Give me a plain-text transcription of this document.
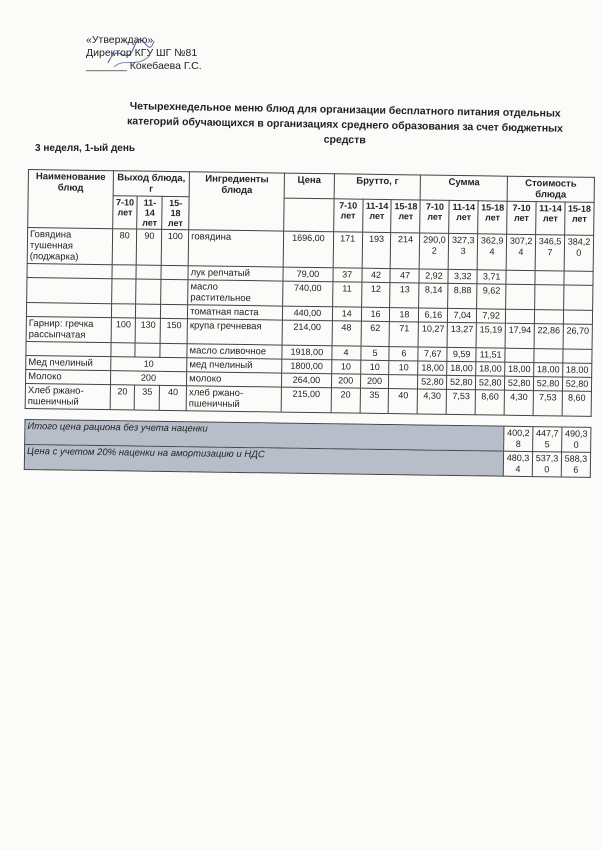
«Утверждаю»
Директор КГУ ШГ №81
_______ Кокебаева Г.С.
Четырехнедельное меню блюд для организации бесплатного питания отдельных категорий обучающихся в организациях среднего образования за счет бюджетных средств
3 неделя, 1-ый день
Наименование блюд	Выход блюда, г			Ингредиенты блюда	Цена	Брутто, г			Сумма			Стоимость блюда		
	7-10 лет	11-14 лет	15-18 лет			7-10 лет	11-14 лет	15-18 лет	7-10 лет	11-14 лет	15-18 лет	7-10 лет	11-14 лет	15-18 лет
Говядина тушенная (поджарка)	80	90	100	говядина	1696,00	171	193	214	290,02	327,33	362,94	307,24	346,57	384,20
				лук репчатый	79,00	37	42	47	2,92	3,32	3,71			
				масло растительное	740,00	11	12	13	8,14	8,88	9,62			
				томатная паста	440,00	14	16	18	6,16	7,04	7,92			
Гарнир: гречка рассыпчатая	100	130	150	крупа гречневая	214,00	48	62	71	10,27	13,27	15,19	17,94	22,86	26,70
				масло сливочное	1918,00	4	5	6	7,67	9,59	11,51			
Мед пчелиный	10			мед пчелиный	1800,00	10	10	10	18,00	18,00	18,00	18,00	18,00	18,00
Молоко	200			молоко	264,00	200	200		52,80	52,80	52,80	52,80	52,80	52,80
Хлеб ржано-пшеничный	20	35	40	хлеб ржано-пшеничный	215,00	20	35	40	4,30	7,53	8,60	4,30	7,53	8,60

Итого цена рациона без учета наценки												400,28	447,75	490,30
Цена с учетом 20% наценки на амортизацию и НДС												480,34	537,30	588,36
